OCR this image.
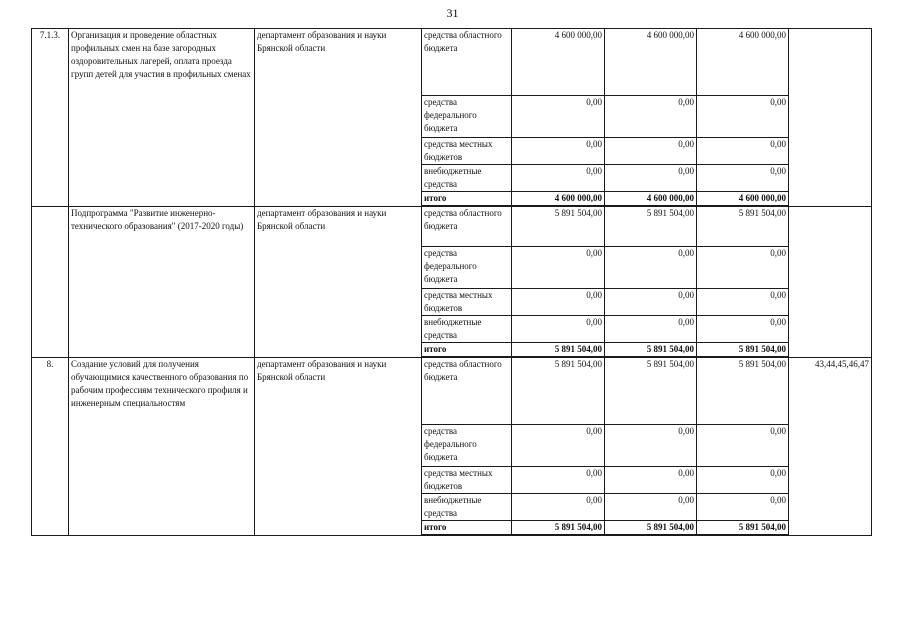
31
7.1.3.	Организация и проведение областных профильных смен на базе загородных оздоровительных лагерей, оплата проезда групп детей для участия в профильных сменах	департамент образования и науки Брянской области	средства областного бюджета	4 600 000,00	4 600 000,00	4 600 000,00	
			средства федерального бюджета	0,00	0,00	0,00	
			средства местных бюджетов	0,00	0,00	0,00	
			внебюджетные средства	0,00	0,00	0,00	
			итого	4 600 000,00	4 600 000,00	4 600 000,00	
	Подпрограмма "Развитие инженерно-технического образования" (2017-2020 годы)	департамент образования и науки Брянской области	средства областного бюджета	5 891 504,00	5 891 504,00	5 891 504,00	
			средства федерального бюджета	0,00	0,00	0,00	
			средства местных бюджетов	0,00	0,00	0,00	
			внебюджетные средства	0,00	0,00	0,00	
			итого	5 891 504,00	5 891 504,00	5 891 504,00	
8.	Создание условий для получения обучающимися качественного образования по рабочим профессиям технического профиля и инженерным специальностям	департамент образования и науки Брянской области	средства областного бюджета	5 891 504,00	5 891 504,00	5 891 504,00	43,44,45,46,47
			средства федерального бюджета	0,00	0,00	0,00	
			средства местных бюджетов	0,00	0,00	0,00	
			внебюджетные средства	0,00	0,00	0,00	
			итого	5 891 504,00	5 891 504,00	5 891 504,00	
